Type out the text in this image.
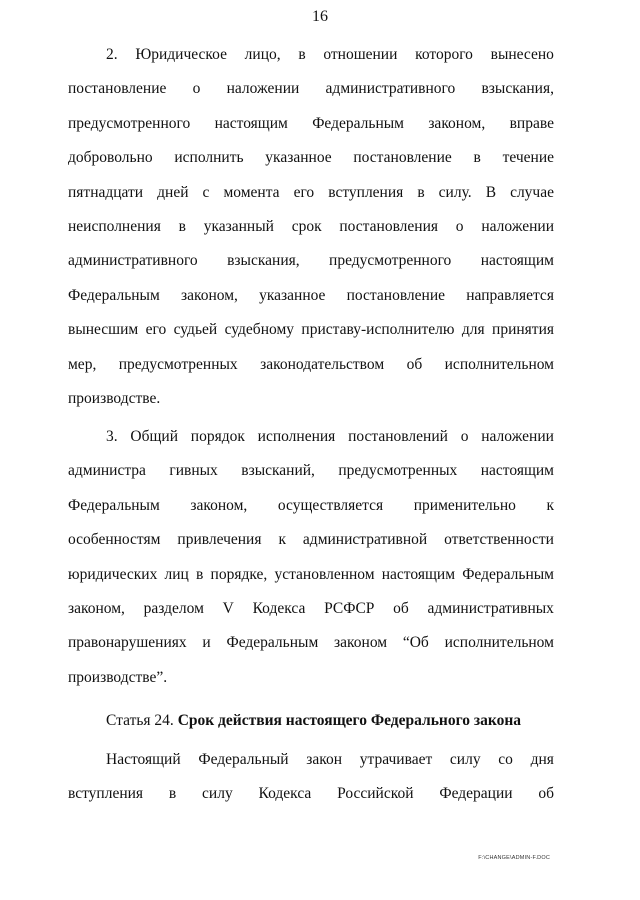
16
2. Юридическое лицо, в отношении которого вынесено
постановление о наложении административного взыскания,
предусмотренного настоящим Федеральным законом, вправе
добровольно исполнить указанное постановление в течение
пятнадцати дней с момента его вступления в силу. В случае
неисполнения в указанный срок постановления о наложении
административного взыскания, предусмотренного настоящим
Федеральным законом, указанное постановление направляется
вынесшим его судьей судебному приставу-исполнителю для принятия
мер, предусмотренных законодательством об исполнительном
производстве.
3. Общий порядок исполнения постановлений о наложении
администра гивных взысканий, предусмотренных настоящим
Федеральным законом, осуществляется применительно к
особенностям привлечения к административной ответственности
юридических лиц в порядке, установленном настоящим Федеральным
законом, разделом V Кодекса РСФСР об административных
правонарушениях и Федеральным законом “Об исполнительном
производстве”.
Статья 24. Срок действия настоящего Федерального закона
Настоящий Федеральный закон утрачивает силу со дня
вступления в силу Кодекса Российской Федерации об
F:\CHANGE\ADMIN-F.DOC
